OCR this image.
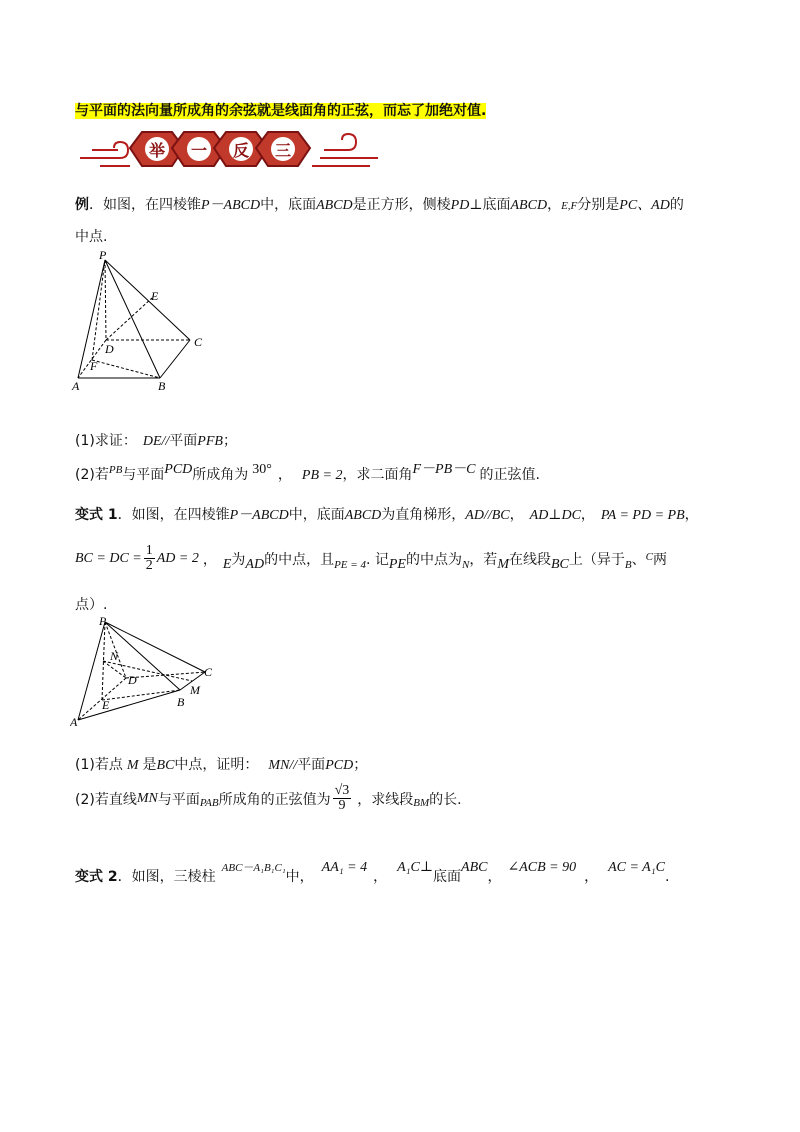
与平面的法向量所成角的余弦就是线面角的正弦，而忘了加绝对值.
举 一 反 三
例 ．如图，在四棱锥 P－ABCD 中，底面 ABCD 是正方形，侧棱 PD⊥ 底面 ABCD ， E,F 分别是 PC、AD 的
中点.
P
E
C
D
F
A	B
(1)求证： DE// 平面 PFB ；
(2)若 PB 与平面 PCD 所成角为 30° ， PB = 2 ，求二面角 F－PB－C 的正弦值.
变式 1 ．如图，在四棱锥 P－ABCD 中，底面 ABCD 为直角梯形， AD//BC ， AD⊥DC ， PA = PD = PB ，
BC = DC = $\frac{1}{2}$ AD = 2 ， E 为 AD 的中点，且 PE = 4 . 记 PE 的中点为 N ，若 M 在线段 BC 上（异于 B 、 C 两
点）.
P
N
C
D
M
E	B
A
(1)若点 M 是 BC 中点，证明： MN// 平面 PCD ；
(2)若直线 MN 与平面 PAB 所成角的正弦值为 $\frac{√3}{9}$ ，求线段 BM 的长.
变式 2 ．如图，三棱柱
ABC－A₁B₁C₁
中，
AA₁ = 4
，
A₁C⊥
底面
ABC
，
∠ACB = 90
，
AC = A₁C
.
